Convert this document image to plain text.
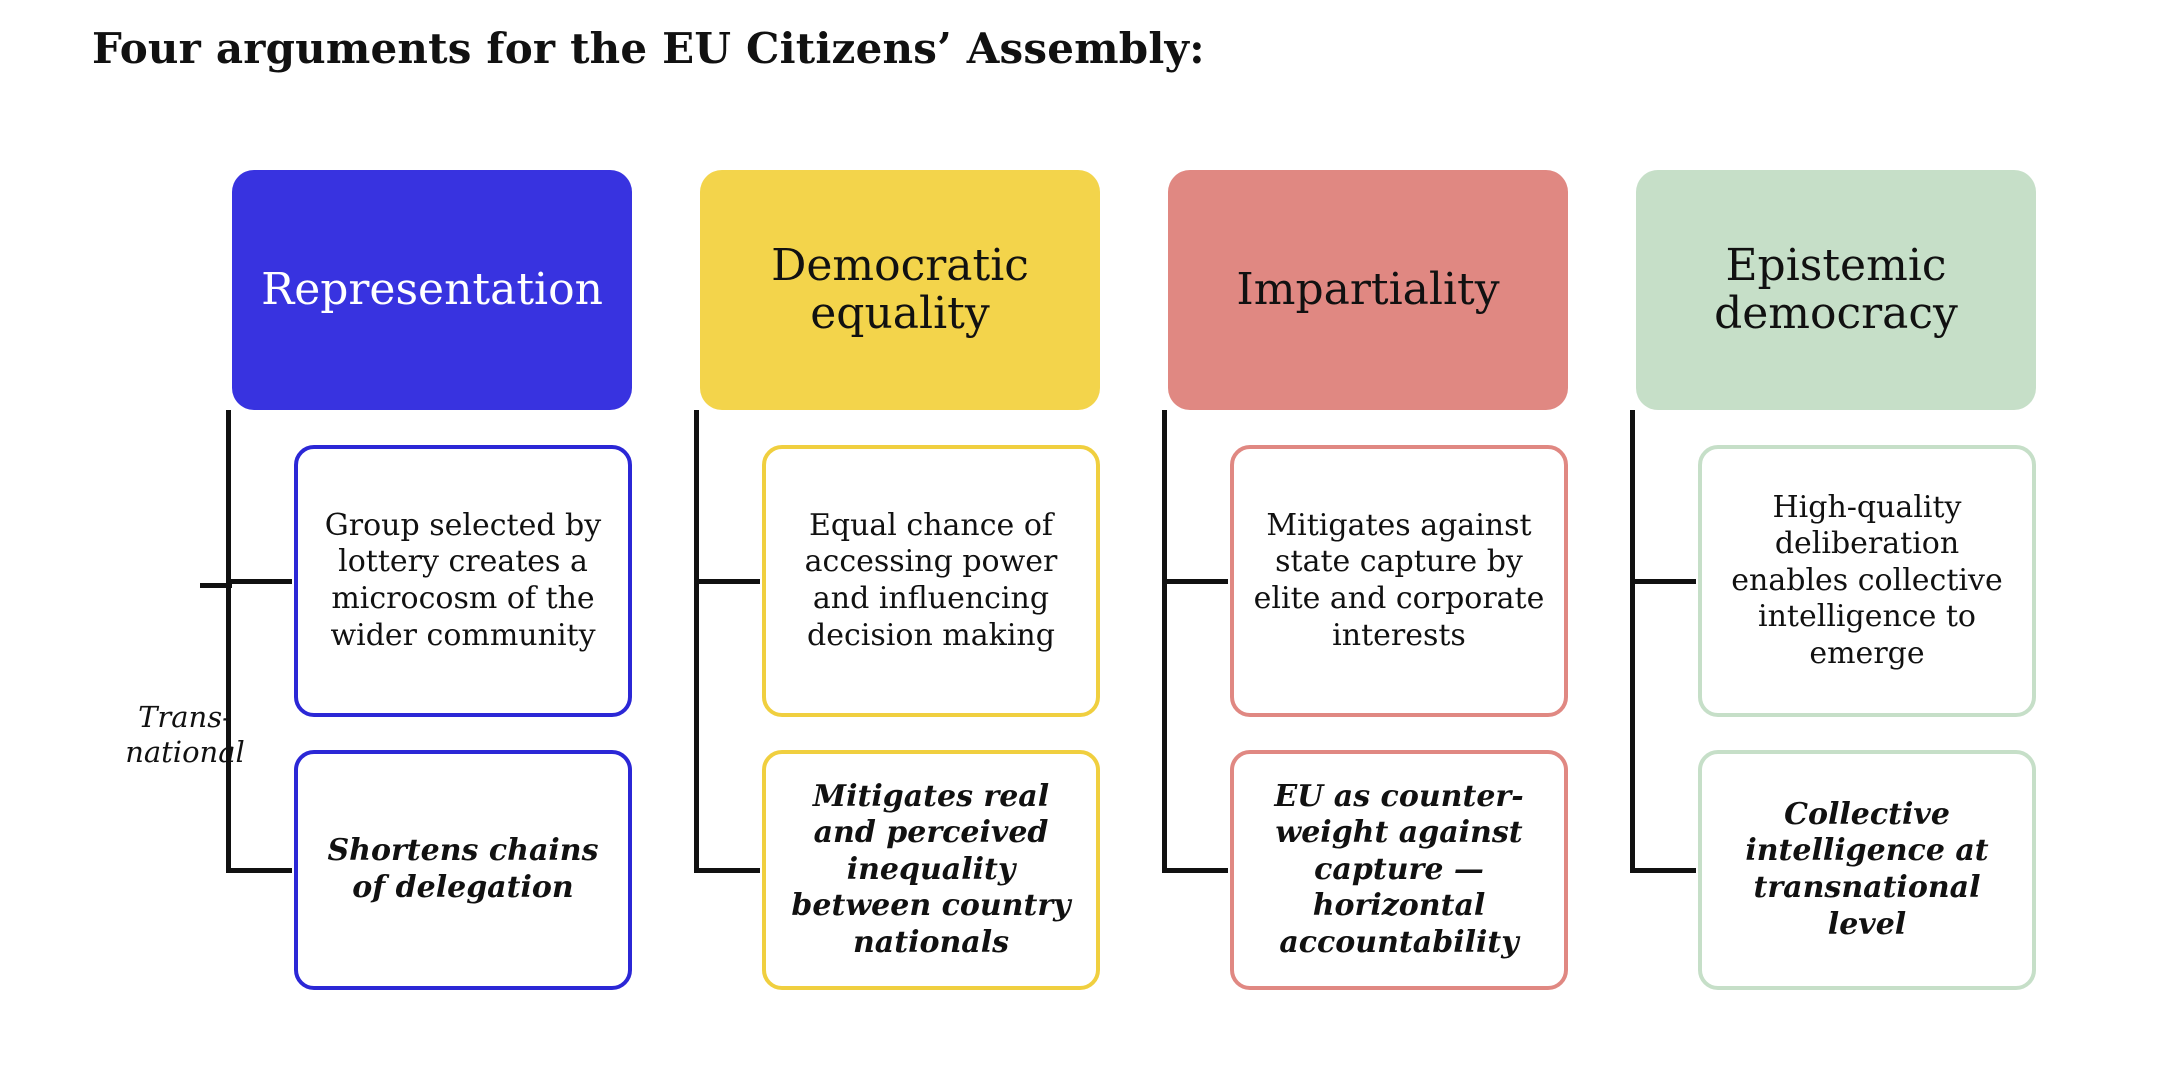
Four arguments for the EU Citizens’ Assembly:
Representation
Group selected by lottery creates a microcosm of the wider community
Shortens chains of delegation
Democratic equality
Equal chance of accessing power and influencing decision making
Mitigates real and perceived inequality between country nationals
Impartiality
Mitigates against state capture by elite and corporate interests
EU as counter-weight against capture — horizontal accountability
Epistemic democracy
High-quality deliberation enables collective intelligence to emerge
Collective intelligence at transnational level
Trans-
national
